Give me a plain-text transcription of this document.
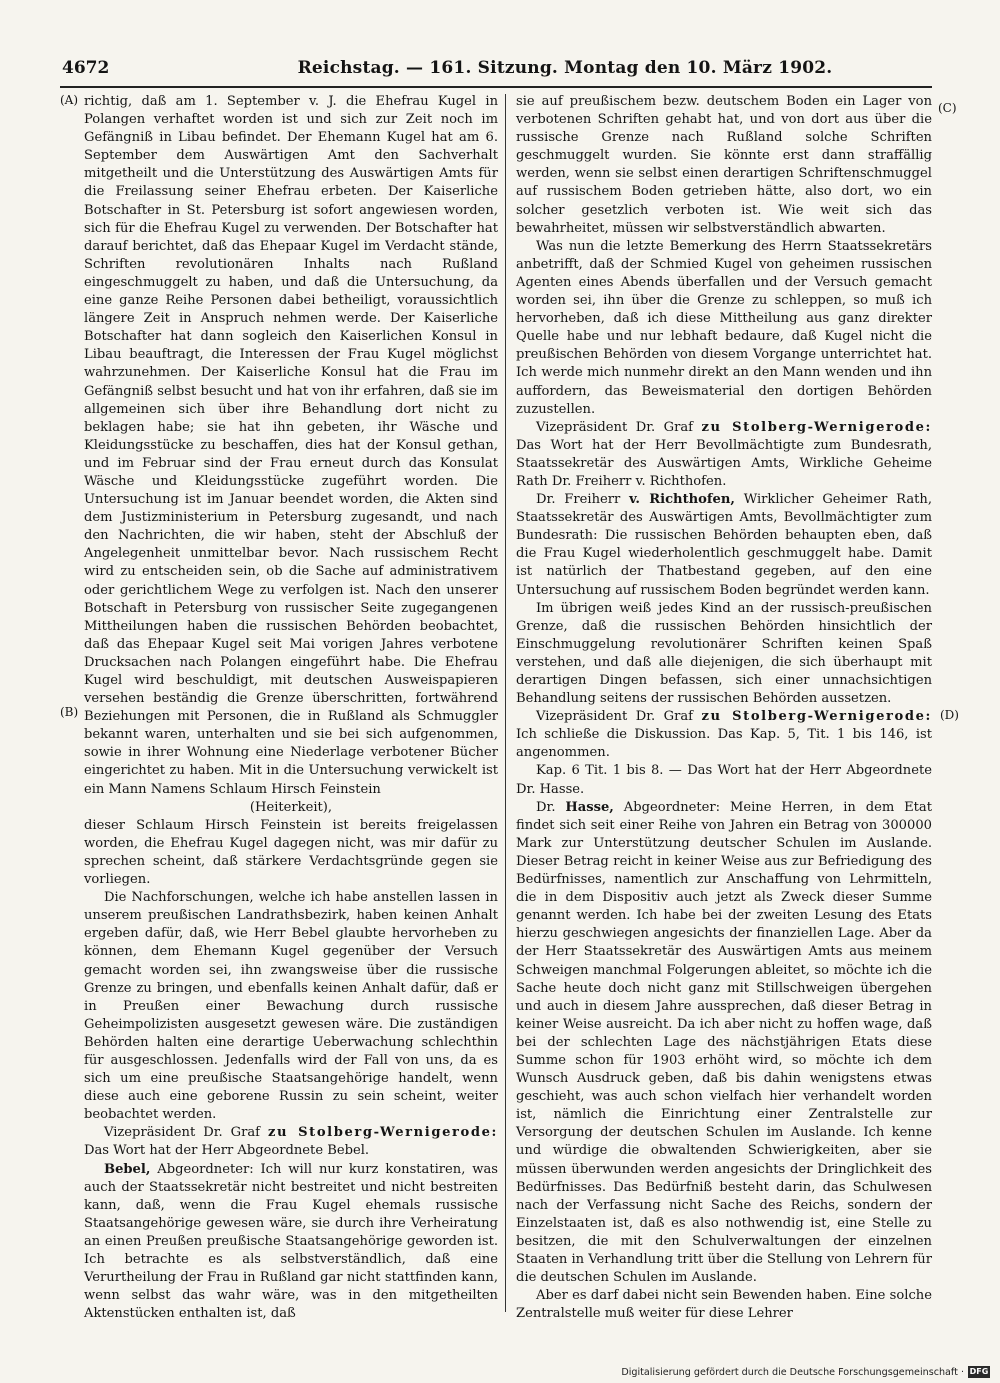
4672	Reichstag. — 161. Sitzung. Montag den 10. März 1902.
(A)
(B)
(C)
(D)

richtig, daß am 1. September v. J. die Ehefrau Kugel in Polangen verhaftet worden ist und sich zur Zeit noch im Gefängniß in Libau befindet. Der Ehemann Kugel hat am 6. September dem Auswärtigen Amt den Sachverhalt mitgetheilt und die Unterstützung des Auswärtigen Amts für die Freilassung seiner Ehefrau erbeten. Der Kaiserliche Botschafter in St. Petersburg ist sofort angewiesen worden, sich für die Ehefrau Kugel zu verwenden. Der Botschafter hat darauf berichtet, daß das Ehepaar Kugel im Verdacht stände, Schriften revolutionären Inhalts nach Rußland eingeschmuggelt zu haben, und daß die Untersuchung, da eine ganze Reihe Personen dabei betheiligt, voraussichtlich längere Zeit in Anspruch nehmen werde. Der Kaiserliche Botschafter hat dann sogleich den Kaiserlichen Konsul in Libau beauftragt, die Interessen der Frau Kugel möglichst wahrzunehmen. Der Kaiserliche Konsul hat die Frau im Gefängniß selbst besucht und hat von ihr erfahren, daß sie im allgemeinen sich über ihre Behandlung dort nicht zu beklagen habe; sie hat ihn gebeten, ihr Wäsche und Kleidungsstücke zu beschaffen, dies hat der Konsul gethan, und im Februar sind der Frau erneut durch das Konsulat Wäsche und Kleidungsstücke zugeführt worden. Die Untersuchung ist im Januar beendet worden, die Akten sind dem Justizministerium in Petersburg zugesandt, und nach den Nachrichten, die wir haben, steht der Abschluß der Angelegenheit unmittelbar bevor. Nach russischem Recht wird zu entscheiden sein, ob die Sache auf administrativem oder gerichtlichem Wege zu verfolgen ist. Nach den unserer Botschaft in Petersburg von russischer Seite zugegangenen Mittheilungen haben die russischen Behörden beobachtet, daß das Ehepaar Kugel seit Mai vorigen Jahres verbotene Drucksachen nach Polangen eingeführt habe. Die Ehefrau Kugel wird beschuldigt, mit deutschen Ausweispapieren versehen beständig die Grenze überschritten, fortwährend Beziehungen mit Personen, die in Rußland als Schmuggler bekannt waren, unterhalten und sie bei sich aufgenommen, sowie in ihrer Wohnung eine Niederlage verbotener Bücher eingerichtet zu haben. Mit in die Untersuchung verwickelt ist ein Mann Namens Schlaum Hirsch Feinstein

(Heiterkeit),

dieser Schlaum Hirsch Feinstein ist bereits freigelassen worden, die Ehefrau Kugel dagegen nicht, was mir dafür zu sprechen scheint, daß stärkere Verdachtsgründe gegen sie vorliegen.

Die Nachforschungen, welche ich habe anstellen lassen in unserem preußischen Landrathsbezirk, haben keinen Anhalt ergeben dafür, daß, wie Herr Bebel glaubte hervorheben zu können, dem Ehemann Kugel gegenüber der Versuch gemacht worden sei, ihn zwangsweise über die russische Grenze zu bringen, und ebenfalls keinen Anhalt dafür, daß er in Preußen einer Bewachung durch russische Geheimpolizisten ausgesetzt gewesen wäre. Die zuständigen Behörden halten eine derartige Ueberwachung schlechthin für ausgeschlossen. Jedenfalls wird der Fall von uns, da es sich um eine preußische Staatsangehörige handelt, wenn diese auch eine geborene Russin zu sein scheint, weiter beobachtet werden.

Vizepräsident Dr. Graf zu Stolberg-Wernigerode: Das Wort hat der Herr Abgeordnete Bebel.

Bebel, Abgeordneter: Ich will nur kurz konstatiren, was auch der Staatssekretär nicht bestreitet und nicht bestreiten kann, daß, wenn die Frau Kugel ehemals russische Staatsangehörige gewesen wäre, sie durch ihre Verheiratung an einen Preußen preußische Staatsangehörige geworden ist. Ich betrachte es als selbstverständlich, daß eine Verurtheilung der Frau in Rußland gar nicht stattfinden kann, wenn selbst das wahr wäre, was in den mitgetheilten Aktenstücken enthalten ist, daß

sie auf preußischem bezw. deutschem Boden ein Lager von verbotenen Schriften gehabt hat, und von dort aus über die russische Grenze nach Rußland solche Schriften geschmuggelt wurden. Sie könnte erst dann straffällig werden, wenn sie selbst einen derartigen Schriftenschmuggel auf russischem Boden getrieben hätte, also dort, wo ein solcher gesetzlich verboten ist. Wie weit sich das bewahrheitet, müssen wir selbstverständlich abwarten.

Was nun die letzte Bemerkung des Herrn Staatssekretärs anbetrifft, daß der Schmied Kugel von geheimen russischen Agenten eines Abends überfallen und der Versuch gemacht worden sei, ihn über die Grenze zu schleppen, so muß ich hervorheben, daß ich diese Mittheilung aus ganz direkter Quelle habe und nur lebhaft bedaure, daß Kugel nicht die preußischen Behörden von diesem Vorgange unterrichtet hat. Ich werde mich nunmehr direkt an den Mann wenden und ihn auffordern, das Beweismaterial den dortigen Behörden zuzustellen.

Vizepräsident Dr. Graf zu Stolberg-Wernigerode: Das Wort hat der Herr Bevollmächtigte zum Bundesrath, Staatssekretär des Auswärtigen Amts, Wirkliche Geheime Rath Dr. Freiherr v. Richthofen.

Dr. Freiherr v. Richthofen, Wirklicher Geheimer Rath, Staatssekretär des Auswärtigen Amts, Bevollmächtigter zum Bundesrath: Die russischen Behörden behaupten eben, daß die Frau Kugel wiederholentlich geschmuggelt habe. Damit ist natürlich der Thatbestand gegeben, auf den eine Untersuchung auf russischem Boden begründet werden kann.

Im übrigen weiß jedes Kind an der russisch-preußischen Grenze, daß die russischen Behörden hinsichtlich der Einschmuggelung revolutionärer Schriften keinen Spaß verstehen, und daß alle diejenigen, die sich überhaupt mit derartigen Dingen befassen, sich einer unnachsichtigen Behandlung seitens der russischen Behörden aussetzen.

Vizepräsident Dr. Graf zu Stolberg-Wernigerode: Ich schließe die Diskussion. Das Kap. 5, Tit. 1 bis 146, ist angenommen.

Kap. 6 Tit. 1 bis 8. — Das Wort hat der Herr Abgeordnete Dr. Hasse.

Dr. Hasse, Abgeordneter: Meine Herren, in dem Etat findet sich seit einer Reihe von Jahren ein Betrag von 300000 Mark zur Unterstützung deutscher Schulen im Auslande. Dieser Betrag reicht in keiner Weise aus zur Befriedigung des Bedürfnisses, namentlich zur Anschaffung von Lehrmitteln, die in dem Dispositiv auch jetzt als Zweck dieser Summe genannt werden. Ich habe bei der zweiten Lesung des Etats hierzu geschwiegen angesichts der finanziellen Lage. Aber da der Herr Staatssekretär des Auswärtigen Amts aus meinem Schweigen manchmal Folgerungen ableitet, so möchte ich die Sache heute doch nicht ganz mit Stillschweigen übergehen und auch in diesem Jahre aussprechen, daß dieser Betrag in keiner Weise ausreicht. Da ich aber nicht zu hoffen wage, daß bei der schlechten Lage des nächstjährigen Etats diese Summe schon für 1903 erhöht wird, so möchte ich dem Wunsch Ausdruck geben, daß bis dahin wenigstens etwas geschieht, was auch schon vielfach hier verhandelt worden ist, nämlich die Einrichtung einer Zentralstelle zur Versorgung der deutschen Schulen im Auslande. Ich kenne und würdige die obwaltenden Schwierigkeiten, aber sie müssen überwunden werden angesichts der Dringlichkeit des Bedürfnisses. Das Bedürfniß besteht darin, das Schulwesen nach der Verfassung nicht Sache des Reichs, sondern der Einzelstaaten ist, daß es also nothwendig ist, eine Stelle zu besitzen, die mit den Schulverwaltungen der einzelnen Staaten in Verhandlung tritt über die Stellung von Lehrern für die deutschen Schulen im Auslande.

Aber es darf dabei nicht sein Bewenden haben. Eine solche Zentralstelle muß weiter für diese Lehrer

Digitalisierung gefördert durch die Deutsche Forschungsgemeinschaft · DFG
